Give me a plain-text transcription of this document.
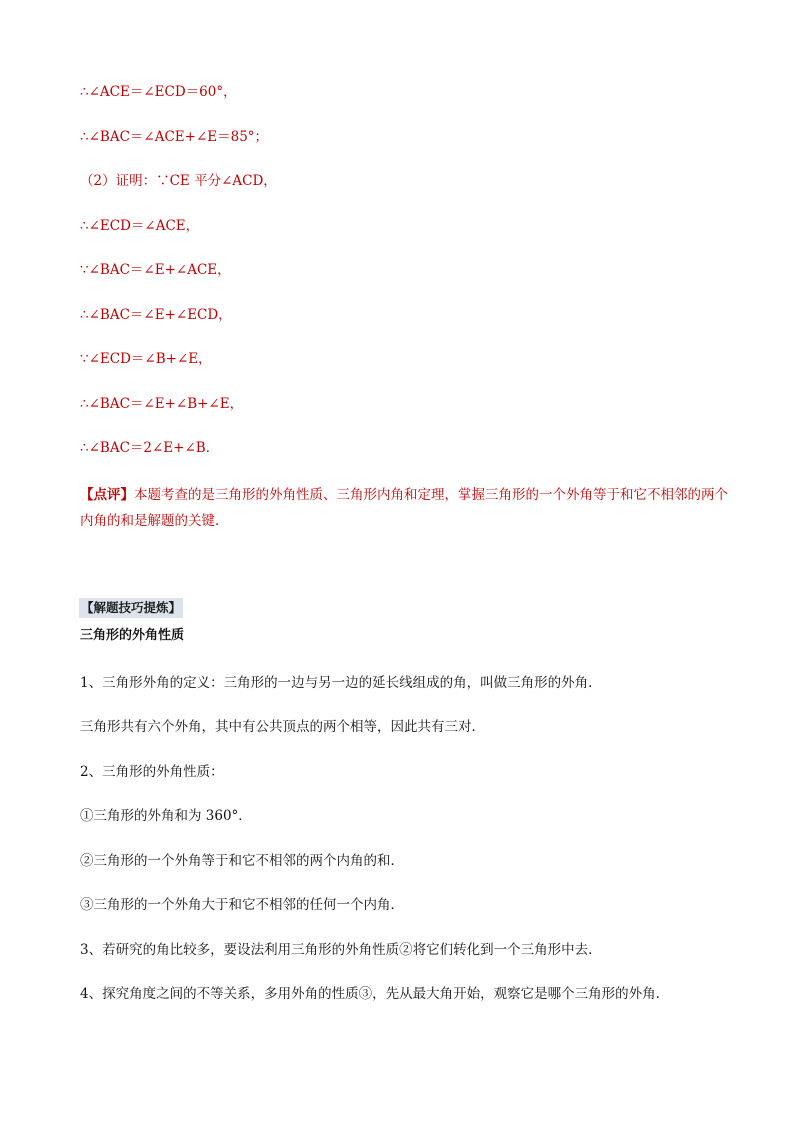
∴∠ACE＝∠ECD＝60°，
∴∠BAC＝∠ACE+∠E＝85°；
（2）证明：∵CE 平分∠ACD，
∴∠ECD＝∠ACE，
∵∠BAC＝∠E+∠ACE，
∴∠BAC＝∠E+∠ECD，
∵∠ECD＝∠B+∠E，
∴∠BAC＝∠E+∠B+∠E，
∴∠BAC＝2∠E+∠B．
【点评】本题考查的是三角形的外角性质、三角形内角和定理，掌握三角形的一个外角等于和它不相邻的两个内角的和是解题的关键．
【解题技巧提炼】
三角形的外角性质
1、三角形外角的定义：三角形的一边与另一边的延长线组成的角，叫做三角形的外角．
三角形共有六个外角，其中有公共顶点的两个相等，因此共有三对．
2、三角形的外角性质：
①三角形的外角和为 360°．
②三角形的一个外角等于和它不相邻的两个内角的和．
③三角形的一个外角大于和它不相邻的任何一个内角．
3、若研究的角比较多，要设法利用三角形的外角性质②将它们转化到一个三角形中去．
4、探究角度之间的不等关系，多用外角的性质③，先从最大角开始，观察它是哪个三角形的外角．
